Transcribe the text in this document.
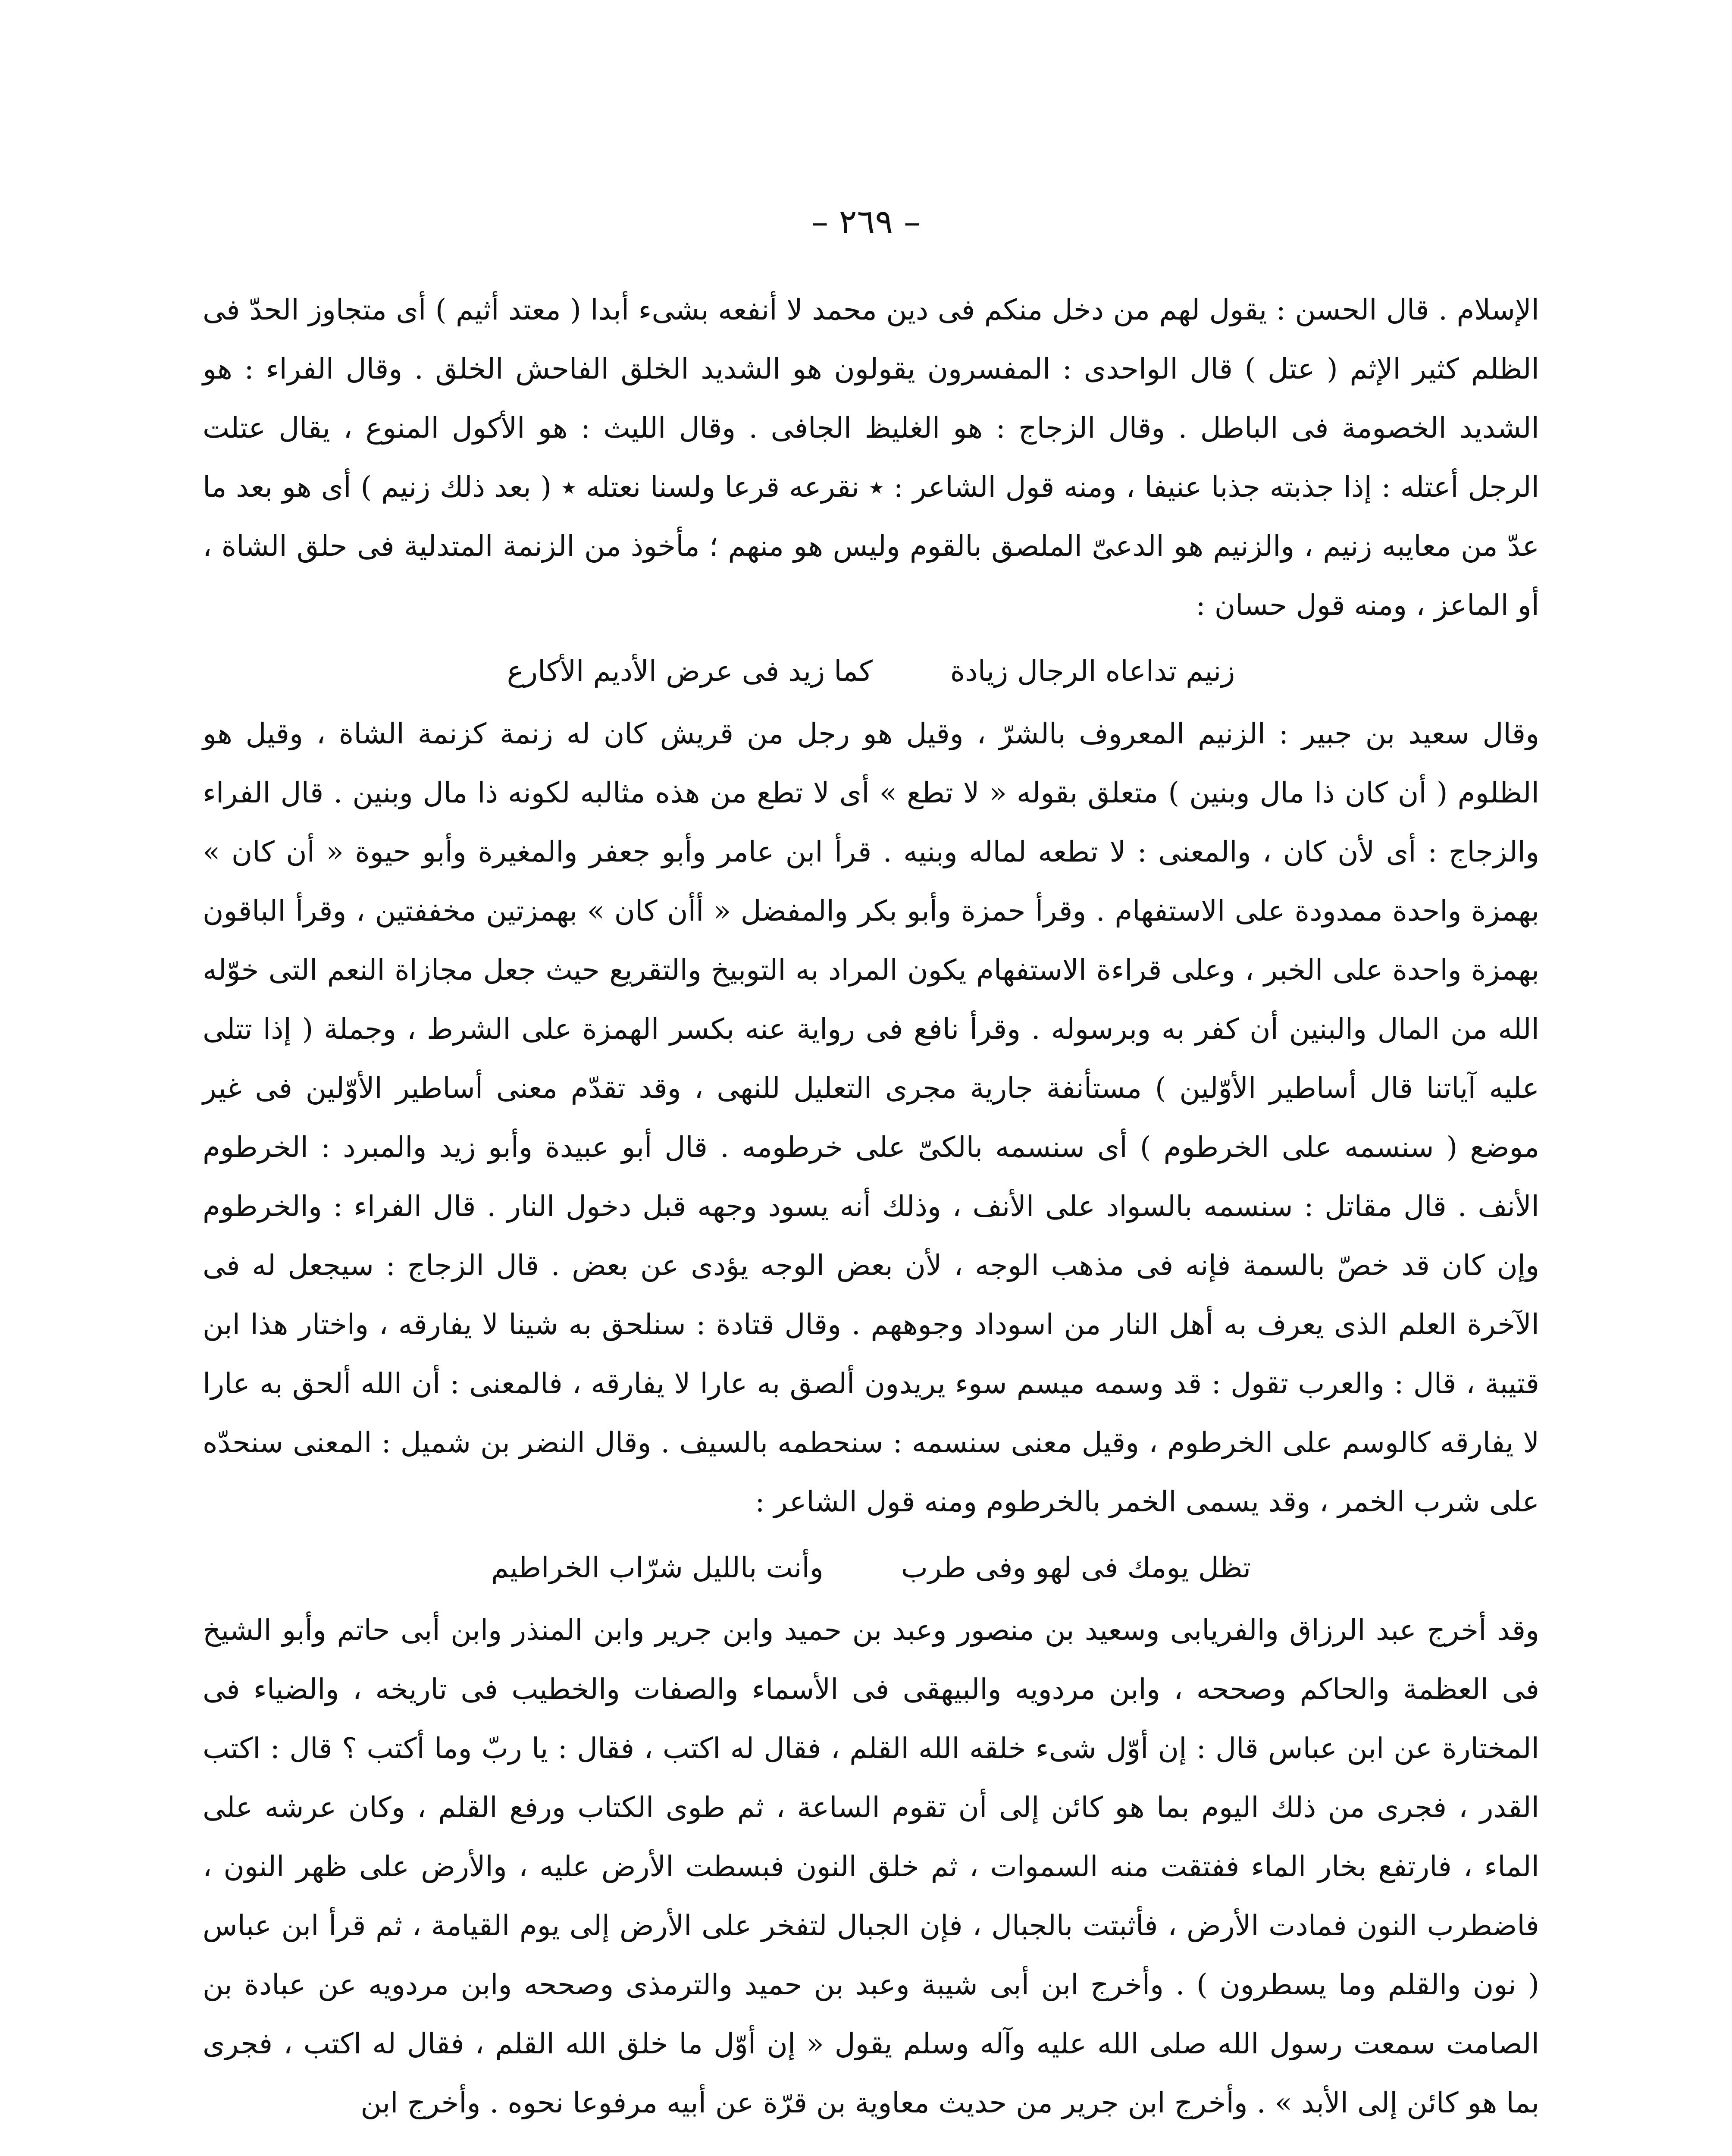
– ٢٦٩ –

الإسلام . قال الحسن : يقول لهم من دخل منكم فى دين محمد لا أنفعه بشىء أبدا ( معتد أثيم ) أى متجاوز الحدّ فى الظلم كثير الإثم ( عتل ) قال الواحدى : المفسرون يقولون هو الشديد الخلق الفاحش الخلق . وقال الفراء : هو الشديد الخصومة فى الباطل . وقال الزجاج : هو الغليظ الجافى . وقال الليث : هو الأكول المنوع ، يقال عتلت الرجل أعتله : إذا جذبته جذبا عنيفا ، ومنه قول الشاعر : ٭ نقرعه قرعا ولسنا نعتله ٭ ( بعد ذلك زنيم ) أى هو بعد ما عدّ من معايبه زنيم ، والزنيم هو الدعىّ الملصق بالقوم وليس هو منهم ؛ مأخوذ من الزنمة المتدلية فى حلق الشاة ، أو الماعز ، ومنه قول حسان :

زنيم تداعاه الرجال زيادة
كما زيد فى عرض الأديم الأكارع

وقال سعيد بن جبير : الزنيم المعروف بالشرّ ، وقيل هو رجل من قريش كان له زنمة كزنمة الشاة ، وقيل هو الظلوم ( أن كان ذا مال وبنين ) متعلق بقوله « لا تطع » أى لا تطع من هذه مثالبه لكونه ذا مال وبنين . قال الفراء والزجاج : أى لأن كان ، والمعنى : لا تطعه لماله وبنيه . قرأ ابن عامر وأبو جعفر والمغيرة وأبو حيوة « أن كان » بهمزة واحدة ممدودة على الاستفهام . وقرأ حمزة وأبو بكر والمفضل « أأن كان » بهمزتين مخففتين ، وقرأ الباقون بهمزة واحدة على الخبر ، وعلى قراءة الاستفهام يكون المراد به التوبيخ والتقريع حيث جعل مجازاة النعم التى خوّله الله من المال والبنين أن كفر به وبرسوله . وقرأ نافع فى رواية عنه بكسر الهمزة على الشرط ، وجملة ( إذا تتلى عليه آياتنا قال أساطير الأوّلين ) مستأنفة جارية مجرى التعليل للنهى ، وقد تقدّم معنى أساطير الأوّلين فى غير موضع ( سنسمه على الخرطوم ) أى سنسمه بالكىّ على خرطومه . قال أبو عبيدة وأبو زيد والمبرد : الخرطوم الأنف . قال مقاتل : سنسمه بالسواد على الأنف ، وذلك أنه يسود وجهه قبل دخول النار . قال الفراء : والخرطوم وإن كان قد خصّ بالسمة فإنه فى مذهب الوجه ، لأن بعض الوجه يؤدى عن بعض . قال الزجاج : سيجعل له فى الآخرة العلم الذى يعرف به أهل النار من اسوداد وجوههم . وقال قتادة : سنلحق به شينا لا يفارقه ، واختار هذا ابن قتيبة ، قال : والعرب تقول : قد وسمه ميسم سوء يريدون ألصق به عارا لا يفارقه ، فالمعنى : أن الله ألحق به عارا لا يفارقه كالوسم على الخرطوم ، وقيل معنى سنسمه : سنحطمه بالسيف . وقال النضر بن شميل : المعنى سنحدّه على شرب الخمر ، وقد يسمى الخمر بالخرطوم ومنه قول الشاعر :

تظل يومك فى لهو وفى طرب
وأنت بالليل شرّاب الخراطيم

وقد أخرج عبد الرزاق والفريابى وسعيد بن منصور وعبد بن حميد وابن جرير وابن المنذر وابن أبى حاتم وأبو الشيخ فى العظمة والحاكم وصححه ، وابن مردويه والبيهقى فى الأسماء والصفات والخطيب فى تاريخه ، والضياء فى المختارة عن ابن عباس قال : إن أوّل شىء خلقه الله القلم ، فقال له اكتب ، فقال : يا ربّ وما أكتب ؟ قال : اكتب القدر ، فجرى من ذلك اليوم بما هو كائن إلى أن تقوم الساعة ، ثم طوى الكتاب ورفع القلم ، وكان عرشه على الماء ، فارتفع بخار الماء ففتقت منه السموات ، ثم خلق النون فبسطت الأرض عليه ، والأرض على ظهر النون ، فاضطرب النون فمادت الأرض ، فأثبتت بالجبال ، فإن الجبال لتفخر على الأرض إلى يوم القيامة ، ثم قرأ ابن عباس ( نون والقلم وما يسطرون ) . وأخرج ابن أبى شيبة وعبد بن حميد والترمذى وصححه وابن مردويه عن عبادة بن الصامت سمعت رسول الله صلى الله عليه وآله وسلم يقول « إن أوّل ما خلق الله القلم ، فقال له اكتب ، فجرى بما هو كائن إلى الأبد » . وأخرج ابن جرير من حديث معاوية بن قرّة عن أبيه مرفوعا نحوه . وأخرج ابن
